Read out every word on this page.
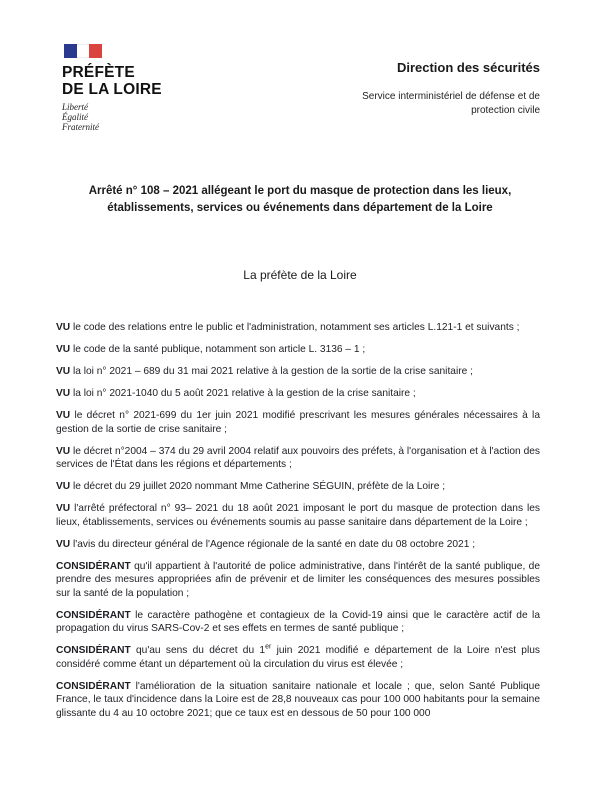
PRÉFÈTE
DE LA LOIRE
Liberté
Égalité
Fraternité
Direction des sécurités
Service interministériel de défense et de protection civile
Arrêté n° 108 – 2021 allégeant le port du masque de protection dans les lieux, établissements, services ou événements dans département de la Loire
La préfète de la Loire

VU le code des relations entre le public et l'administration, notamment ses articles L.121-1 et suivants ;

VU le code de la santé publique, notamment son article L. 3136 – 1 ;

VU la loi n° 2021 – 689 du 31 mai 2021 relative à la gestion de la sortie de la crise sanitaire ;

VU la loi n° 2021-1040 du 5 août 2021 relative à la gestion de la crise sanitaire ;

VU le décret n° 2021-699 du 1er juin 2021 modifié prescrivant les mesures générales nécessaires à la gestion de la sortie de crise sanitaire ;

VU le décret n°2004 – 374 du 29 avril 2004 relatif aux pouvoirs des préfets, à l'organisation et à l'action des services de l'État dans les régions et départements ;

VU le décret du 29 juillet 2020 nommant Mme Catherine SÉGUIN, préfète de la Loire ;

VU l'arrêté préfectoral n° 93– 2021 du 18 août 2021 imposant le port du masque de protection dans les lieux, établissements, services ou événements soumis au passe sanitaire dans département de la Loire ;

VU l'avis du directeur général de l'Agence régionale de la santé en date du 08 octobre 2021 ;

CONSIDÉRANT qu'il appartient à l'autorité de police administrative, dans l'intérêt de la santé publique, de prendre des mesures appropriées afin de prévenir et de limiter les conséquences des mesures possibles sur la santé de la population ;

CONSIDÉRANT le caractère pathogène et contagieux de la Covid-19 ainsi que le caractère actif de la propagation du virus SARS-Cov-2 et ses effets en termes de santé publique ;

CONSIDÉRANT qu'au sens du décret du 1er juin 2021 modifié e département de la Loire n'est plus considéré comme étant un département où la circulation du virus est élevée ;

CONSIDÉRANT l'amélioration de la situation sanitaire nationale et locale ; que, selon Santé Publique France, le taux d'incidence dans la Loire est de 28,8 nouveaux cas pour 100 000 habitants pour la semaine glissante du 4 au 10 octobre 2021; que ce taux est en dessous de 50 pour 100 000
